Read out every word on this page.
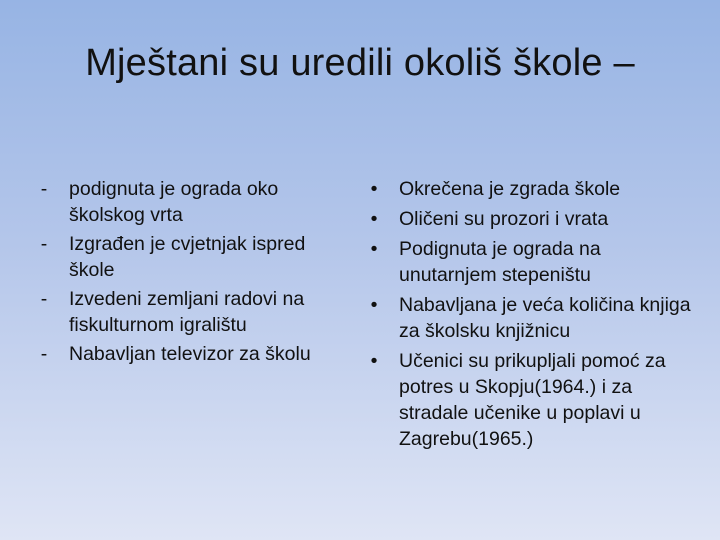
Mještani su uredili okoliš škole –
-	podignuta je ograda oko školskog vrta
-	Izgrađen je cvjetnjak ispred škole
-	Izvedeni zemljani radovi na fiskulturnom igralištu
-	Nabavljan televizor za školu
•	Okrečena je zgrada škole
•	Oličeni su prozori i vrata
•	Podignuta je ograda na unutarnjem stepeništu
•	Nabavljana je veća količina knjiga za školsku knjižnicu
•	Učenici su prikupljali pomoć za potres u Skopju(1964.) i za stradale učenike u poplavi u Zagrebu(1965.)
